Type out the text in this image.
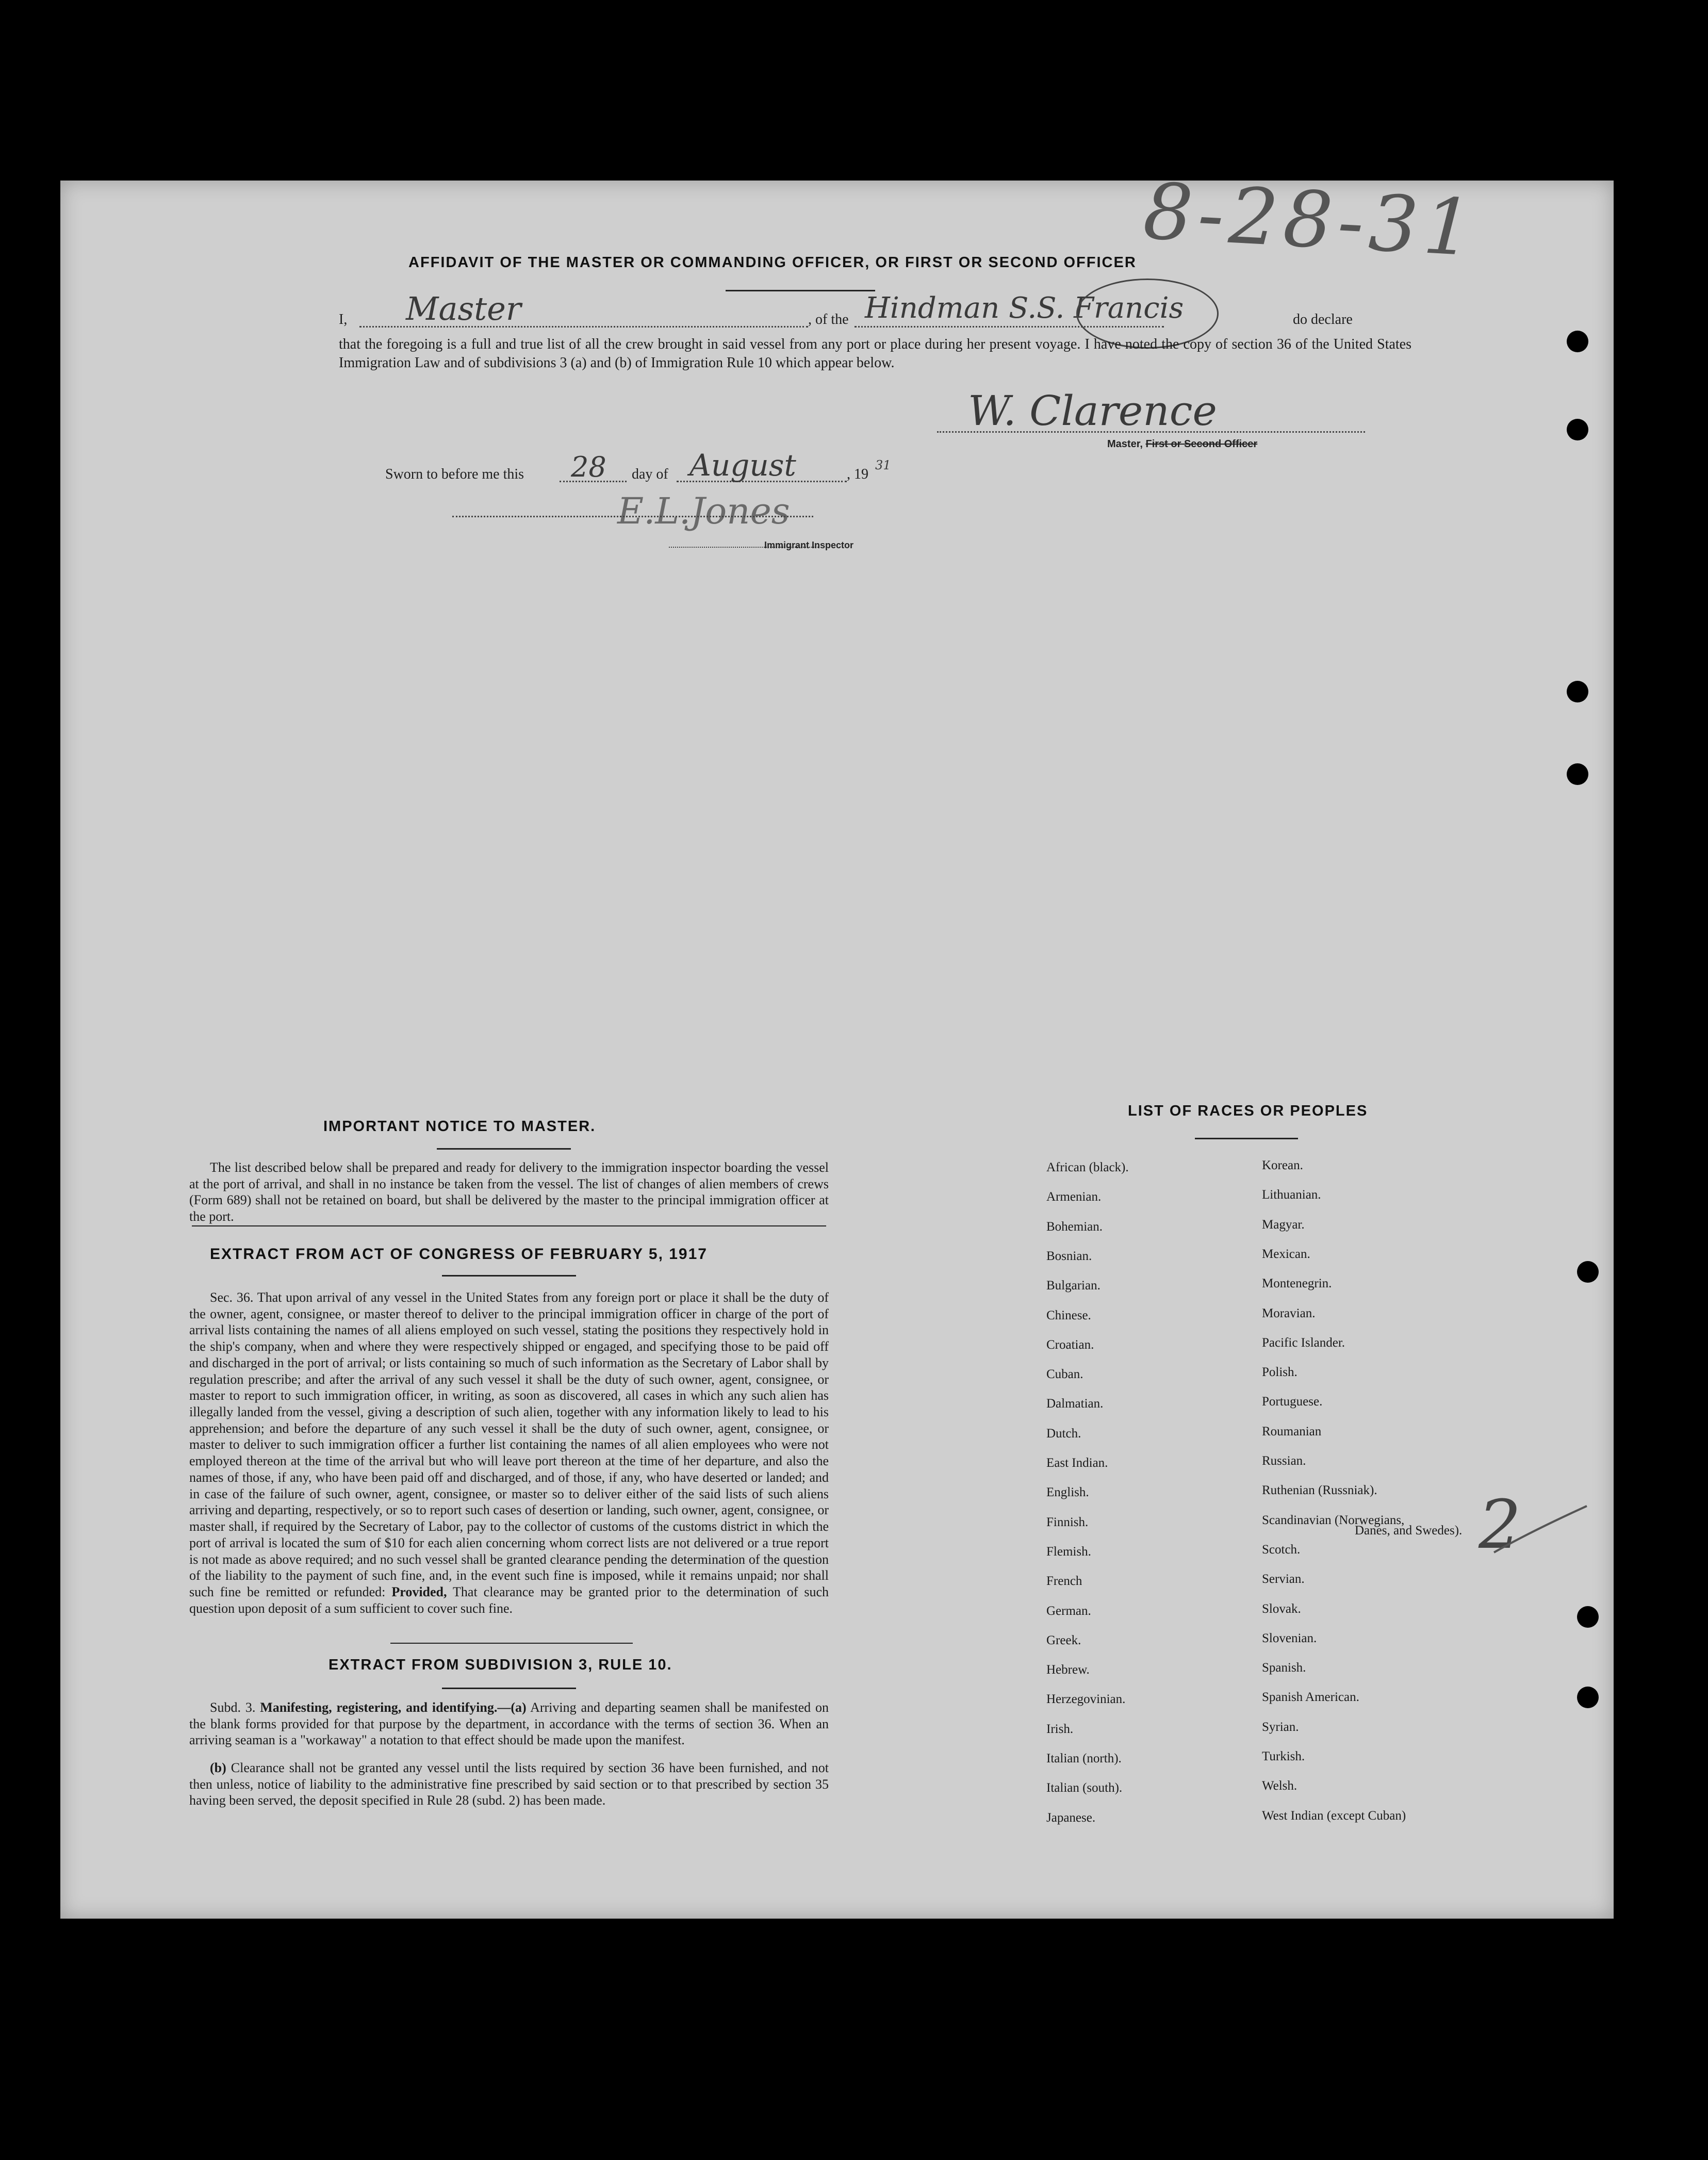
8-28-31
AFFIDAVIT OF THE MASTER OR COMMANDING OFFICER, OR FIRST OR SECOND OFFICER
I, Master	, of the Hindman S.S. Francis	do declare
that the foregoing is a full and true list of all the crew brought in said vessel from any port or place during her present voyage. I have noted the copy of section 36 of the United States Immigration Law and of subdivisions 3 (a) and (b) of Immigration Rule 10 which appear below.
W. Clarence
Master, First or Second Officer
Sworn to before me this 28 day of August	, 19
31
E.L.Jones
Immigrant Inspector
IMPORTANT NOTICE TO MASTER.
The list described below shall be prepared and ready for delivery to the immigration inspector boarding the vessel at the port of arrival, and shall in no instance be taken from the vessel. The list of changes of alien members of crews (Form 689) shall not be retained on board, but shall be delivered by the master to the principal immigration officer at the port.
EXTRACT FROM ACT OF CONGRESS OF FEBRUARY 5, 1917
Sec. 36. That upon arrival of any vessel in the United States from any foreign port or place it shall be the duty of the owner, agent, consignee, or master thereof to deliver to the principal immigration officer in charge of the port of arrival lists containing the names of all aliens employed on such vessel, stating the positions they respectively hold in the ship's company, when and where they were respectively shipped or engaged, and specifying those to be paid off and discharged in the port of arrival; or lists containing so much of such information as the Secretary of Labor shall by regulation prescribe; and after the arrival of any such vessel it shall be the duty of such owner, agent, consignee, or master to report to such immigration officer, in writing, as soon as discovered, all cases in which any such alien has illegally landed from the vessel, giving a description of such alien, together with any information likely to lead to his apprehension; and before the departure of any such vessel it shall be the duty of such owner, agent, consignee, or master to deliver to such immigration officer a further list containing the names of all alien employees who were not employed thereon at the time of the arrival but who will leave port thereon at the time of her departure, and also the names of those, if any, who have been paid off and discharged, and of those, if any, who have deserted or landed; and in case of the failure of such owner, agent, consignee, or master so to deliver either of the said lists of such aliens arriving and departing, respectively, or so to report such cases of desertion or landing, such owner, agent, consignee, or master shall, if required by the Secretary of Labor, pay to the collector of customs of the customs district in which the port of arrival is located the sum of $10 for each alien concerning whom correct lists are not delivered or a true report is not made as above required; and no such vessel shall be granted clearance pending the determination of the question of the liability to the payment of such fine, and, in the event such fine is imposed, while it remains unpaid; nor shall such fine be remitted or refunded: Provided, That clearance may be granted prior to the determination of such question upon deposit of a sum sufficient to cover such fine.
EXTRACT FROM SUBDIVISION 3, RULE 10.
Subd. 3. Manifesting, registering, and identifying.—(a) Arriving and departing seamen shall be manifested on the blank forms provided for that purpose by the department, in accordance with the terms of section 36. When an arriving seaman is a "workaway" a notation to that effect should be made upon the manifest.
(b) Clearance shall not be granted any vessel until the lists required by section 36 have been furnished, and not then unless, notice of liability to the administrative fine prescribed by said section or to that prescribed by section 35 having been served, the deposit specified in Rule 28 (subd. 2) has been made.
LIST OF RACES OR PEOPLES
Danes, and Swedes). 2
African (black).
Armenian.
Bohemian.
Bosnian.
Bulgarian.
Chinese.
Croatian.
Cuban.
Dalmatian.
Dutch.
East Indian.
English.
Finnish.
Flemish.
French
German.
Greek.
Hebrew.
Herzegovinian.
Irish.
Italian (north).
Italian (south).
Japanese.
Korean.
Lithuanian.
Magyar.
Mexican.
Montenegrin.
Moravian.
Pacific Islander.
Polish.
Portuguese.
Roumanian
Russian.
Ruthenian (Russniak).
Scandinavian (Norwegians,
Scotch.
Servian.
Slovak.
Slovenian.
Spanish.
Spanish American.
Syrian.
Turkish.
Welsh.
West Indian (except Cuban)
